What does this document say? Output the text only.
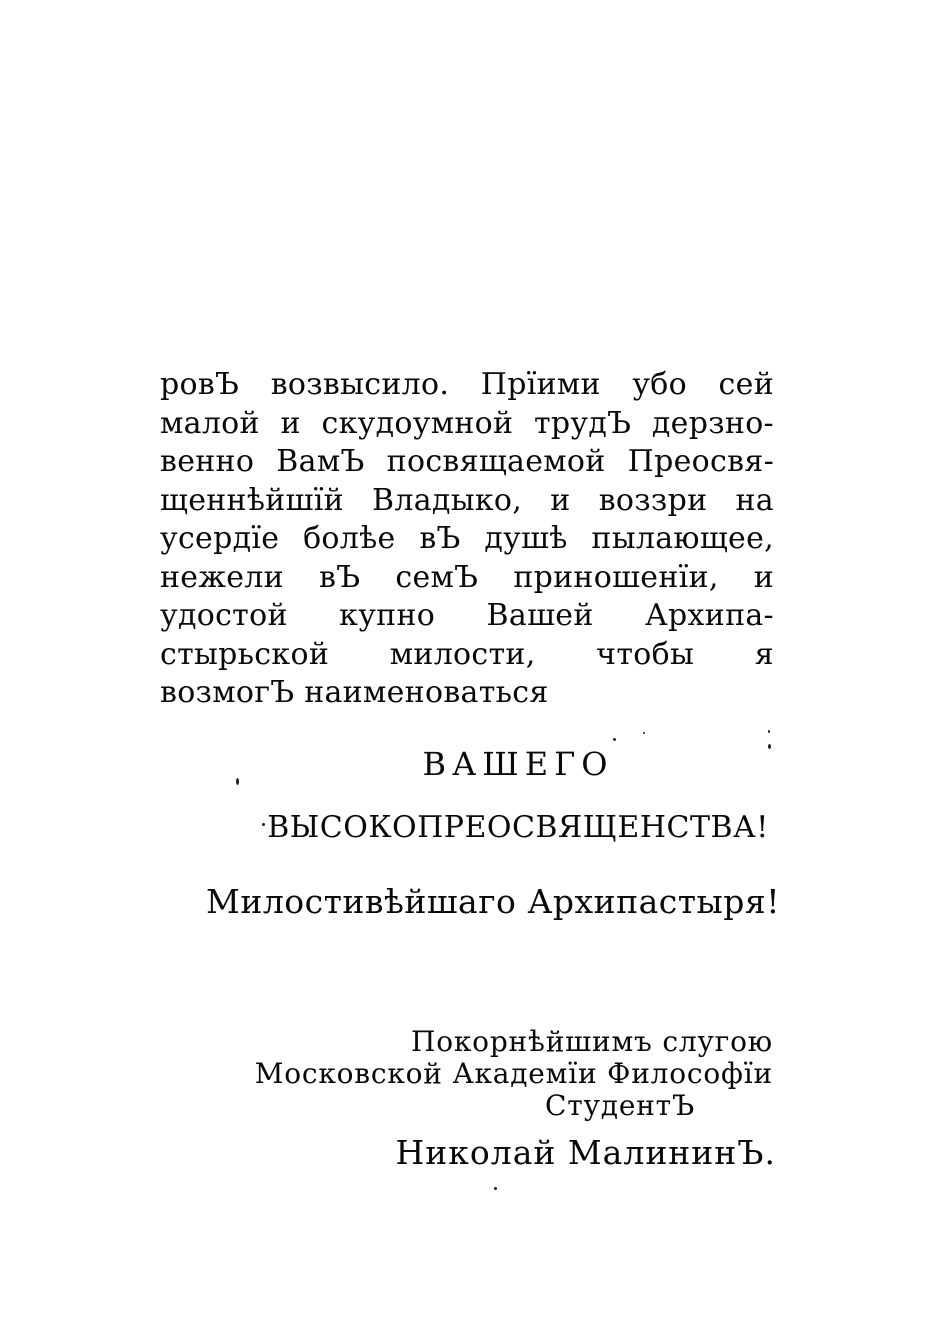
ровЪ возвысило. Прїими убо сей
малой и скудоумной трудЪ дерзно-
венно ВамЪ посвящаемой Преосвя-
щеннѣйшїй Владыко, и воззри на
усердїе болѣе вЪ душѣ пылающее,
нежели вЪ семЪ приношенїи, и
удостой купно Вашей Архипа-
стырьской милости, чтобы я
возмогЪ наименоваться
ВАШЕГО
ВЫСОКОПРЕОСВЯЩЕНСТВА!
Милостивѣйшаго Архипастыря!
Покорнѣйшимъ слугою
Московской Академїи Философїи
СтудентЪ
Николай МалининЪ.
